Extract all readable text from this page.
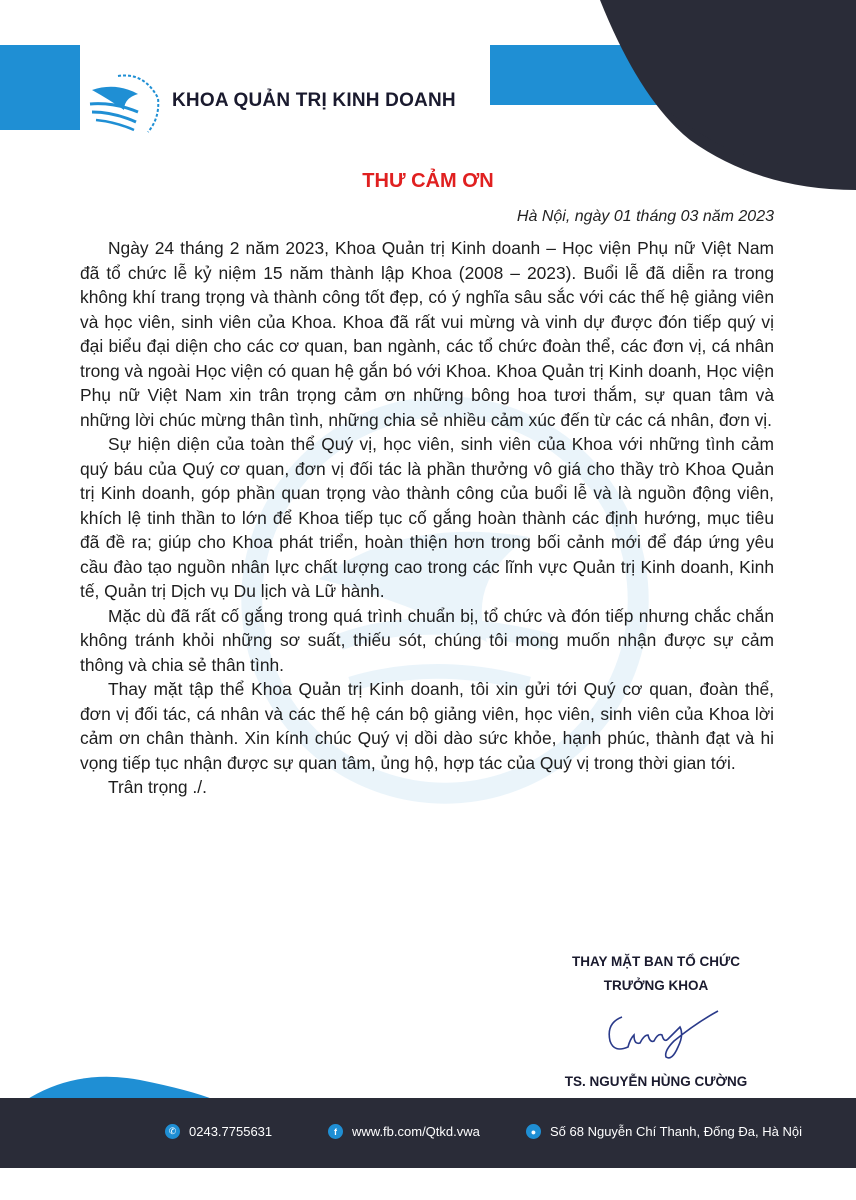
KHOA QUẢN TRỊ KINH DOANH
THƯ CẢM ƠN
Hà Nội, ngày 01 tháng 03 năm 2023

Ngày 24 tháng 2 năm 2023, Khoa Quản trị Kinh doanh – Học viện Phụ nữ Việt Nam đã tổ chức lễ kỷ niệm 15 năm thành lập Khoa (2008 – 2023). Buổi lễ đã diễn ra trong không khí trang trọng và thành công tốt đẹp, có ý nghĩa sâu sắc với các thế hệ giảng viên và học viên, sinh viên của Khoa. Khoa đã rất vui mừng và vinh dự được đón tiếp quý vị đại biểu đại diện cho các cơ quan, ban ngành, các tổ chức đoàn thể, các đơn vị, cá nhân trong và ngoài Học viện có quan hệ gắn bó với Khoa. Khoa Quản trị Kinh doanh, Học viện Phụ nữ Việt Nam xin trân trọng cảm ơn những bông hoa tươi thắm, sự quan tâm và những lời chúc mừng thân tình, những chia sẻ nhiều cảm xúc đến từ các cá nhân, đơn vị.

Sự hiện diện của toàn thể Quý vị, học viên, sinh viên của Khoa với những tình cảm quý báu của Quý cơ quan, đơn vị đối tác là phần thưởng vô giá cho thầy trò Khoa Quản trị Kinh doanh, góp phần quan trọng vào thành công của buổi lễ và là nguồn động viên, khích lệ tinh thần to lớn để Khoa tiếp tục cố gắng hoàn thành các định hướng, mục tiêu đã đề ra; giúp cho Khoa phát triển, hoàn thiện hơn trong bối cảnh mới để đáp ứng yêu cầu đào tạo nguồn nhân lực chất lượng cao trong các lĩnh vực Quản trị Kinh doanh, Kinh tế, Quản trị Dịch vụ Du lịch và Lữ hành.

Mặc dù đã rất cố gắng trong quá trình chuẩn bị, tổ chức và đón tiếp nhưng chắc chắn không tránh khỏi những sơ suất, thiếu sót, chúng tôi mong muốn nhận được sự cảm thông và chia sẻ thân tình.

Thay mặt tập thể Khoa Quản trị Kinh doanh, tôi xin gửi tới Quý cơ quan, đoàn thể, đơn vị đối tác, cá nhân và các thế hệ cán bộ giảng viên, học viên, sinh viên của Khoa lời cảm ơn chân thành. Xin kính chúc Quý vị dồi dào sức khỏe, hạnh phúc, thành đạt và hi vọng tiếp tục nhận được sự quan tâm, ủng hộ, hợp tác của Quý vị trong thời gian tới.

Trân trọng ./.

THAY MẶT BAN TỔ CHỨC
TRƯỞNG KHOA
TS. NGUYỄN HÙNG CƯỜNG
✆ 0243.7755631	f	www.fb.com/Qtkd.vwa	●	Số 68 Nguyễn Chí Thanh, Đống Đa, Hà Nội
